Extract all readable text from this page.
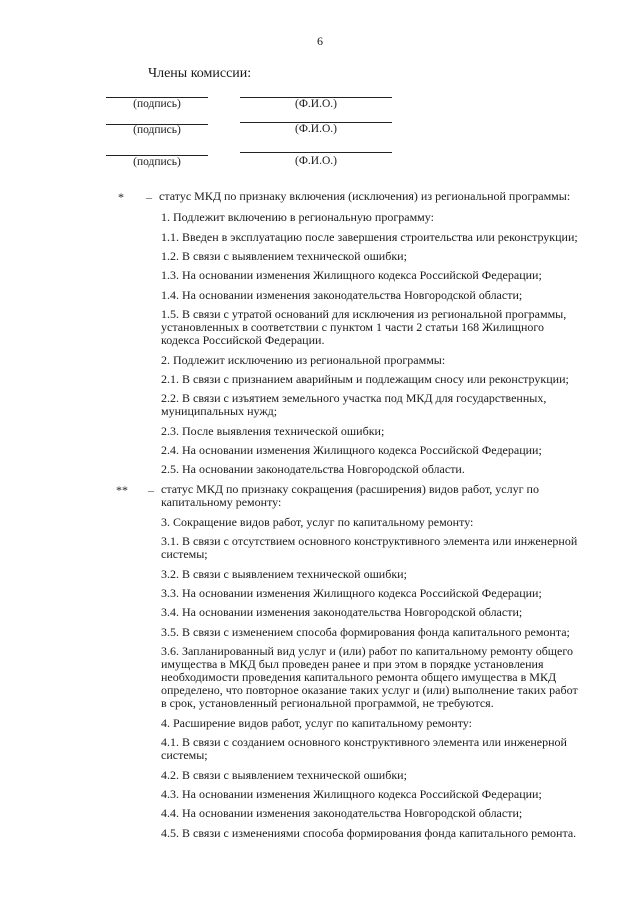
6
Члены комиссии:
(подпись)	(Ф.И.О.)
(подпись)	(Ф.И.О.)
(подпись)	(Ф.И.О.)
* – статус МКД по признаку включения (исключения) из региональной программы:
1. Подлежит включению в региональную программу:
1.1. Введен в эксплуатацию после завершения строительства или реконструкции;
1.2. В связи с выявлением технической ошибки;
1.3. На основании изменения Жилищного кодекса Российской Федерации;
1.4. На основании изменения законодательства Новгородской области;
1.5. В связи с утратой оснований для исключения из региональной программы,
установленных в соответствии с пунктом 1 части 2 статьи 168 Жилищного
кодекса Российской Федерации.
2. Подлежит исключению из региональной программы:
2.1. В связи с признанием аварийным и подлежащим сносу или реконструкции;
2.2. В связи с изъятием земельного участка под МКД для государственных,
муниципальных нужд;
2.3. После выявления технической ошибки;
2.4. На основании изменения Жилищного кодекса Российской Федерации;
2.5. На основании законодательства Новгородской области.
** – статус МКД по признаку сокращения (расширения) видов работ, услуг по
капитальному ремонту:
3. Сокращение видов работ, услуг по капитальному ремонту:
3.1. В связи с отсутствием основного конструктивного элемента или инженерной
системы;
3.2. В связи с выявлением технической ошибки;
3.3. На основании изменения Жилищного кодекса Российской Федерации;
3.4. На основании изменения законодательства Новгородской области;
3.5. В связи с изменением способа формирования фонда капитального ремонта;
3.6. Запланированный вид услуг и (или) работ по капитальному ремонту общего
имущества в МКД был проведен ранее и при этом в порядке установления
необходимости проведения капитального ремонта общего имущества в МКД
определено, что повторное оказание таких услуг и (или) выполнение таких работ
в срок, установленный региональной программой, не требуются.
4. Расширение видов работ, услуг по капитальному ремонту:
4.1. В связи с созданием основного конструктивного элемента или инженерной
системы;
4.2. В связи с выявлением технической ошибки;
4.3. На основании изменения Жилищного кодекса Российской Федерации;
4.4. На основании изменения законодательства Новгородской области;
4.5. В связи с изменениями способа формирования фонда капитального ремонта.
